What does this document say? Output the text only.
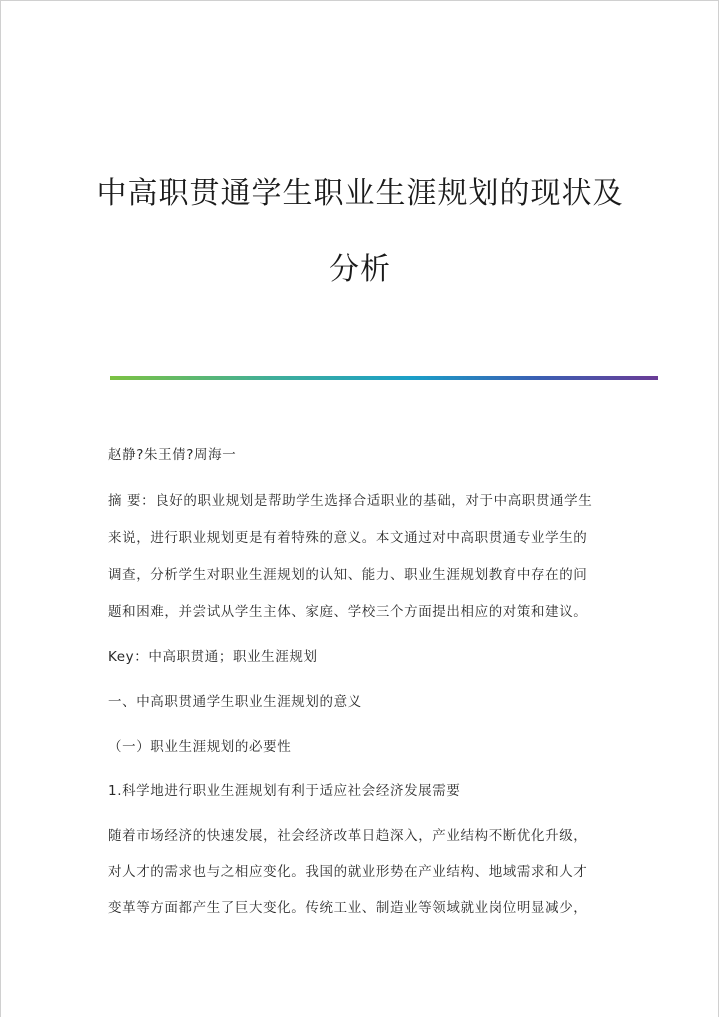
中高职贯通学生职业生涯规划的现状及
分析
赵静?朱王倩?周海一
摘 要：良好的职业规划是帮助学生选择合适职业的基础，对于中高职贯通学生
来说，进行职业规划更是有着特殊的意义。本文通过对中高职贯通专业学生的
调查，分析学生对职业生涯规划的认知、能力、职业生涯规划教育中存在的问
题和困难，并尝试从学生主体、家庭、学校三个方面提出相应的对策和建议。
Key：中高职贯通；职业生涯规划
一、中高职贯通学生职业生涯规划的意义
（一）职业生涯规划的必要性
1.科学地进行职业生涯规划有利于适应社会经济发展需要
随着市场经济的快速发展，社会经济改革日趋深入，产业结构不断优化升级，
对人才的需求也与之相应变化。我国的就业形势在产业结构、地域需求和人才
变革等方面都产生了巨大变化。传统工业、制造业等领域就业岗位明显减少，
